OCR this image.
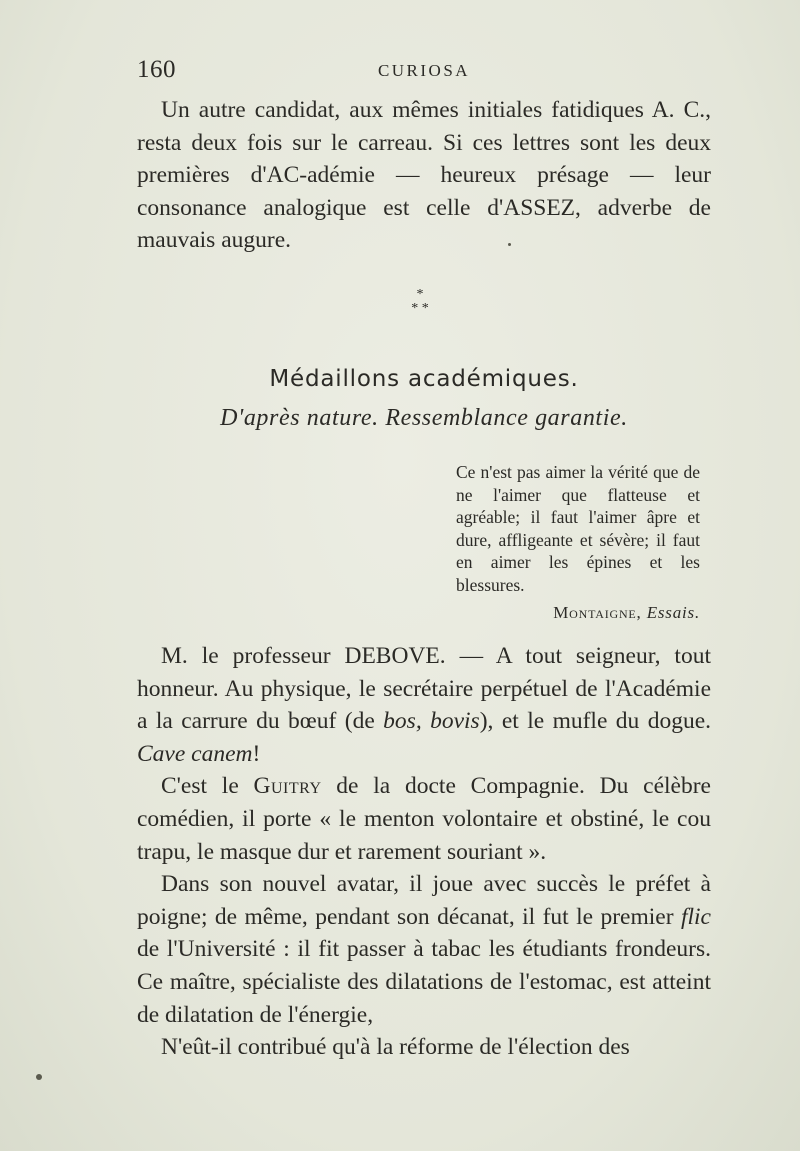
160	CURIOSA

Un autre candidat, aux mêmes initiales fatidiques A. C., resta deux fois sur le carreau. Si ces lettres sont les deux premières d'AC-adémie — heureux présage — leur consonance analogique est celle d'ASSEZ, adverbe de mauvais augure.

*
* *
Médaillons académiques.
D'après nature. Ressemblance garantie.
Ce n'est pas aimer la vérité que de ne l'aimer que flatteuse et agréable; il faut l'aimer âpre et dure, affligeante et sévère; il faut en aimer les épines et les blessures.
Montaigne, Essais.

M. le professeur DEBOVE. — A tout seigneur, tout honneur. Au physique, le secrétaire perpétuel de l'Académie a la carrure du bœuf (de bos, bovis), et le mufle du dogue. Cave canem!

C'est le Guitry de la docte Compagnie. Du célèbre comédien, il porte « le menton volontaire et obstiné, le cou trapu, le masque dur et rarement souriant ».

Dans son nouvel avatar, il joue avec succès le préfet à poigne; de même, pendant son décanat, il fut le premier flic de l'Université : il fit passer à tabac les étudiants frondeurs. Ce maître, spécialiste des dilatations de l'estomac, est atteint de dilatation de l'énergie,

N'eût-il contribué qu'à la réforme de l'élection des
